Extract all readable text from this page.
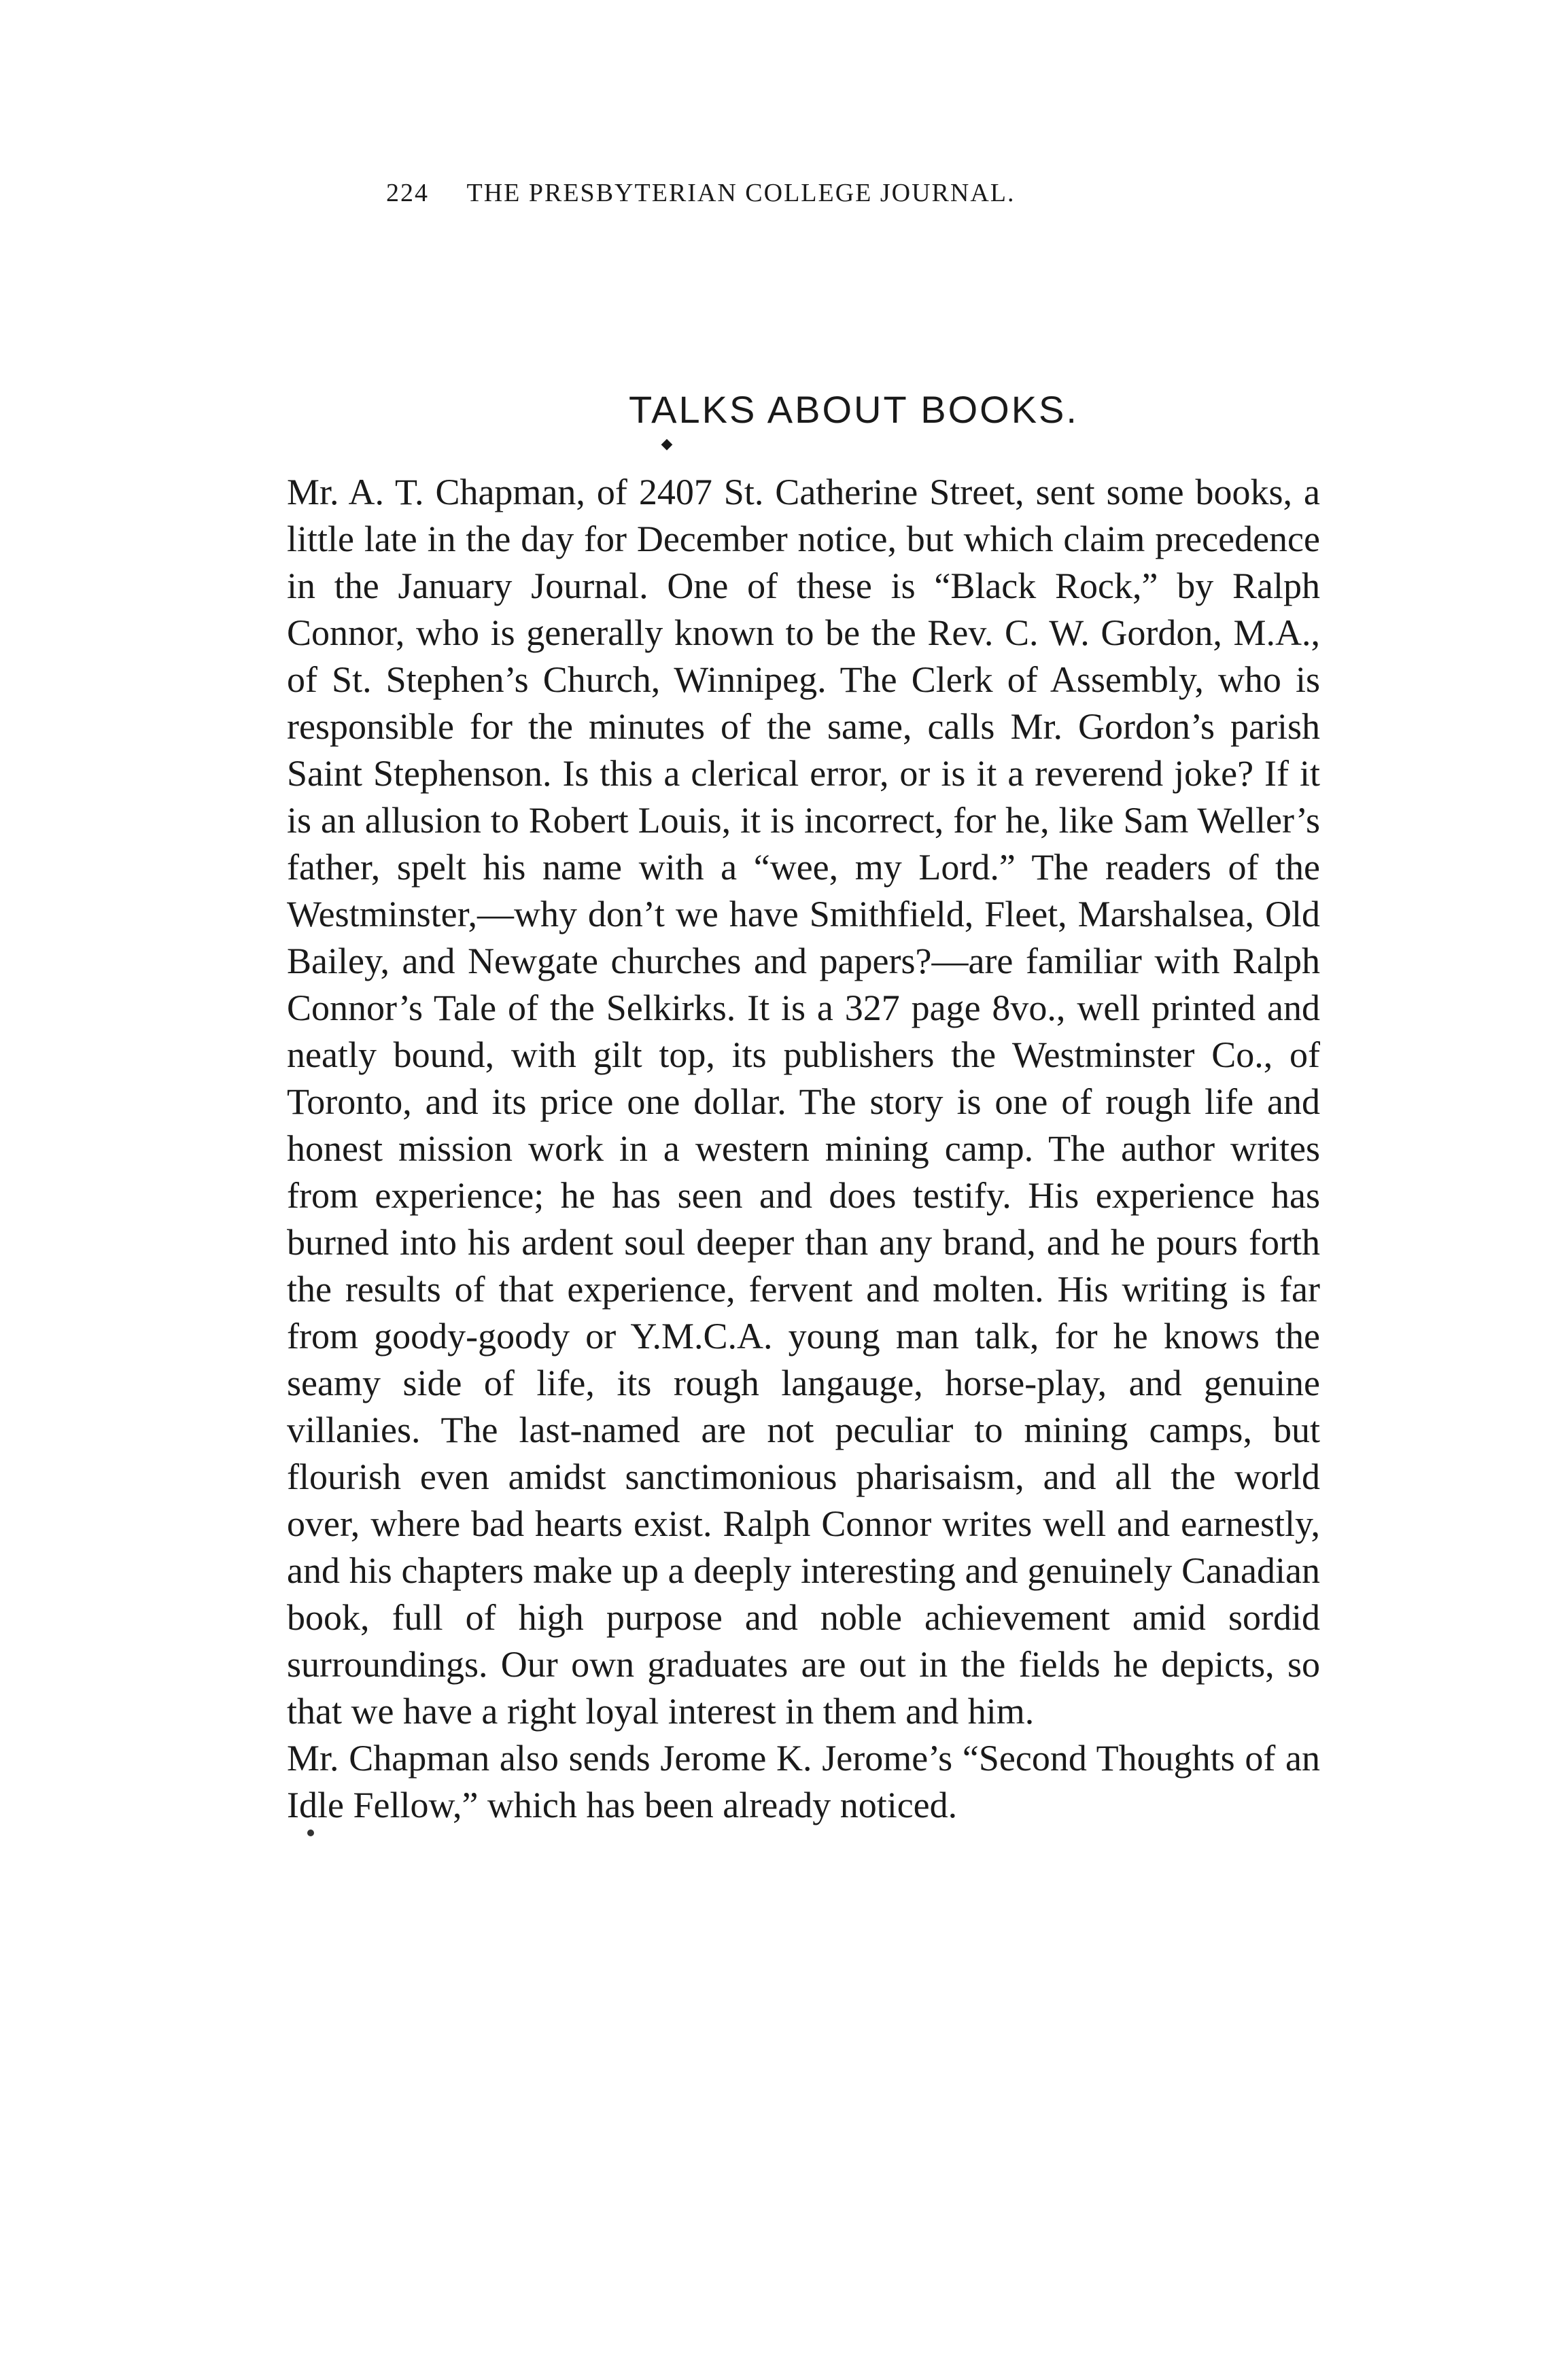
224 THE PRESBYTERIAN COLLEGE JOURNAL.
TALKS ABOUT BOOKS.
◆

Mr. A. T. Chapman, of 2407 St. Catherine Street, sent some books, a little late in the day for December notice, but which claim precedence in the January Journal. One of these is “Black Rock,” by Ralph Connor, who is generally known to be the Rev. C. W. Gordon, M.A., of St. Stephen’s Church, Winnipeg. The Clerk of Assembly, who is responsible for the minutes of the same, calls Mr. Gordon’s parish Saint Stephenson. Is this a clerical error, or is it a reverend joke? If it is an allusion to Robert Louis, it is incorrect, for he, like Sam Weller’s father, spelt his name with a “wee, my Lord.” The readers of the Westminster,—why don’t we have Smithfield, Fleet, Marshalsea, Old Bailey, and Newgate churches and papers?—are familiar with Ralph Connor’s Tale of the Selkirks. It is a 327 page 8vo., well printed and neatly bound, with gilt top, its publishers the Westminster Co., of Toronto, and its price one dollar. The story is one of rough life and honest mission work in a western mining camp. The author writes from experience; he has seen and does testify. His experience has burned into his ardent soul deeper than any brand, and he pours forth the results of that experience, fervent and molten. His writing is far from goody-goody or Y.M.C.A. young man talk, for he knows the seamy side of life, its rough langauge, horse-play, and genuine villanies. The last-named are not peculiar to mining camps, but flourish even amidst sanctimonious pharisaism, and all the world over, where bad hearts exist. Ralph Connor writes well and earnestly, and his chapters make up a deeply interesting and genuinely Canadian book, full of high purpose and noble achievement amid sordid surroundings. Our own graduates are out in the fields he depicts, so that we have a right loyal interest in them and him.

Mr. Chapman also sends Jerome K. Jerome’s “Second Thoughts of an Idle Fellow,” which has been already noticed.
